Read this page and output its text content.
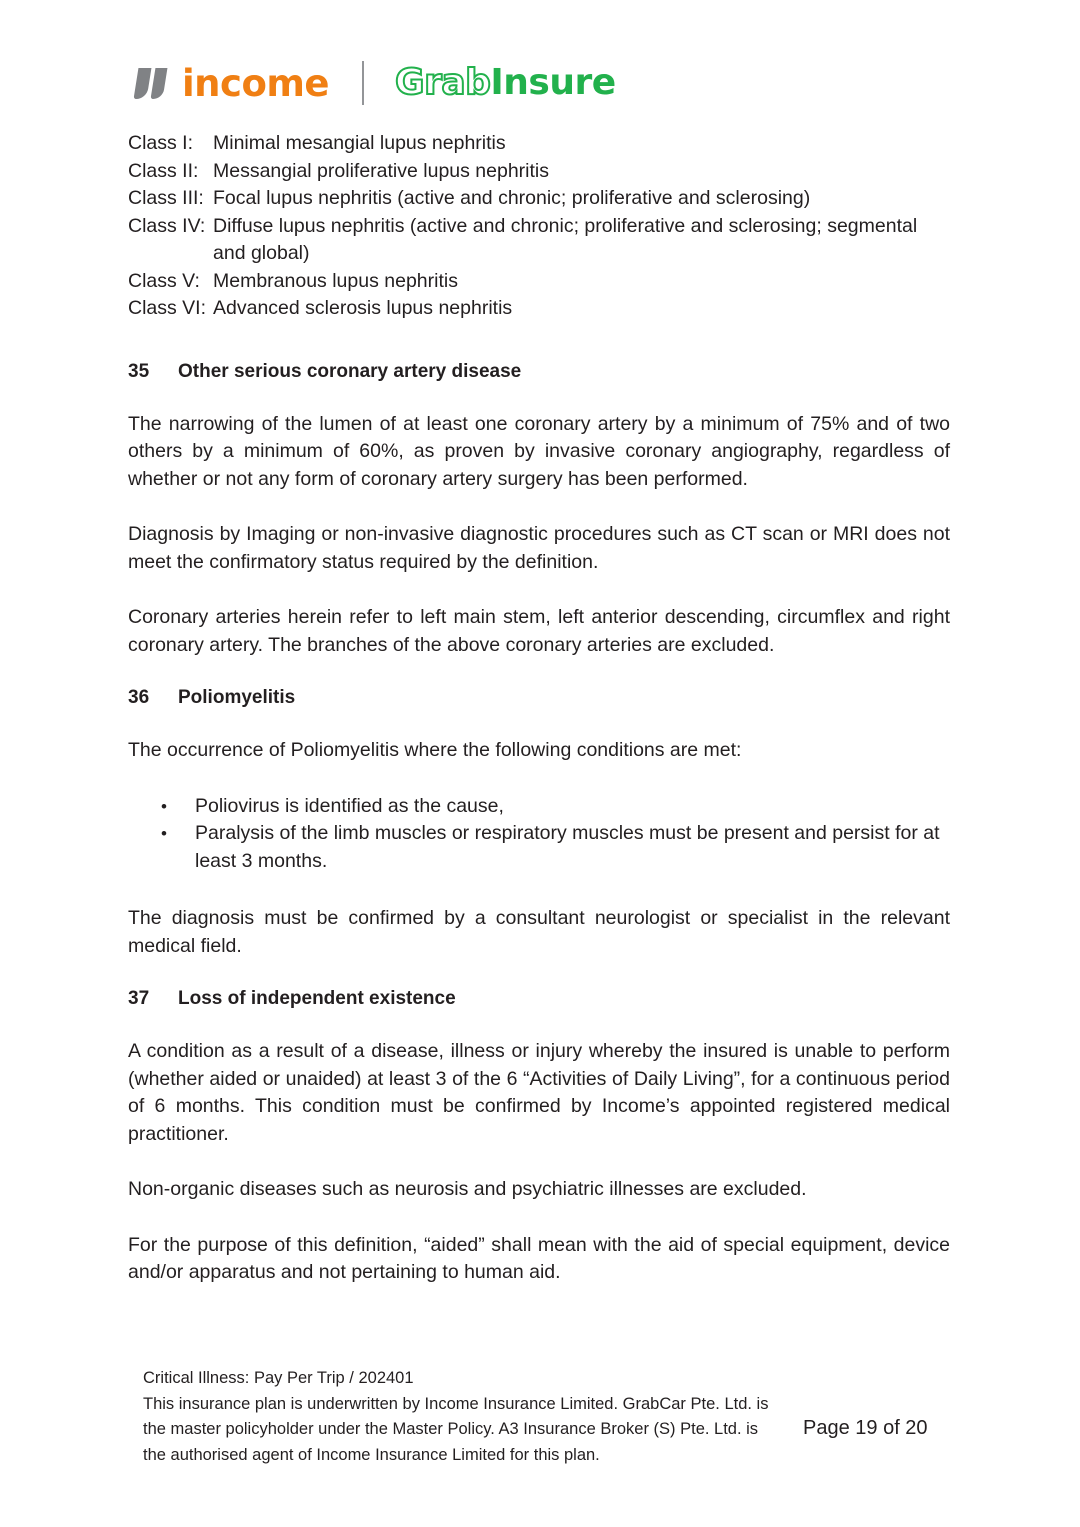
income Grab Grab Insure
Class I:	Minimal mesangial lupus nephritis
Class II: Messangial proliferative lupus nephritis
Class III: Focal lupus nephritis (active and chronic; proliferative and sclerosing)
Class IV: Diffuse lupus nephritis (active and chronic; proliferative and sclerosing; segmental and global)
Class V: Membranous lupus nephritis
Class VI: Advanced sclerosis lupus nephritis
35	Other serious coronary artery disease

The narrowing of the lumen of at least one coronary artery by a minimum of 75% and of two others by a minimum of 60%, as proven by invasive coronary angiography, regardless of whether or not any form of coronary artery surgery has been performed.

Diagnosis by Imaging or non-invasive diagnostic procedures such as CT scan or MRI does not meet the confirmatory status required by the definition.

Coronary arteries herein refer to left main stem, left anterior descending, circumflex and right coronary artery. The branches of the above coronary arteries are excluded.

36	Poliomyelitis

The occurrence of Poliomyelitis where the following conditions are met:

•	Poliovirus is identified as the cause,
•	Paralysis of the limb muscles or respiratory muscles must be present and persist for at least 3 months.

The diagnosis must be confirmed by a consultant neurologist or specialist in the relevant medical field.

37	Loss of independent existence

A condition as a result of a disease, illness or injury whereby the insured is unable to perform (whether aided or unaided) at least 3 of the 6 “Activities of Daily Living”, for a continuous period of 6 months. This condition must be confirmed by Income’s appointed registered medical practitioner.

Non-organic diseases such as neurosis and psychiatric illnesses are excluded.

For the purpose of this definition, “aided” shall mean with the aid of special equipment, device and/or apparatus and not pertaining to human aid.

Critical Illness: Pay Per Trip / 202401
This insurance plan is underwritten by Income Insurance Limited. GrabCar Pte. Ltd. is
the master policyholder under the Master Policy. A3 Insurance Broker (S) Pte. Ltd. is
the authorised agent of Income Insurance Limited for this plan.
Page 19 of 20
